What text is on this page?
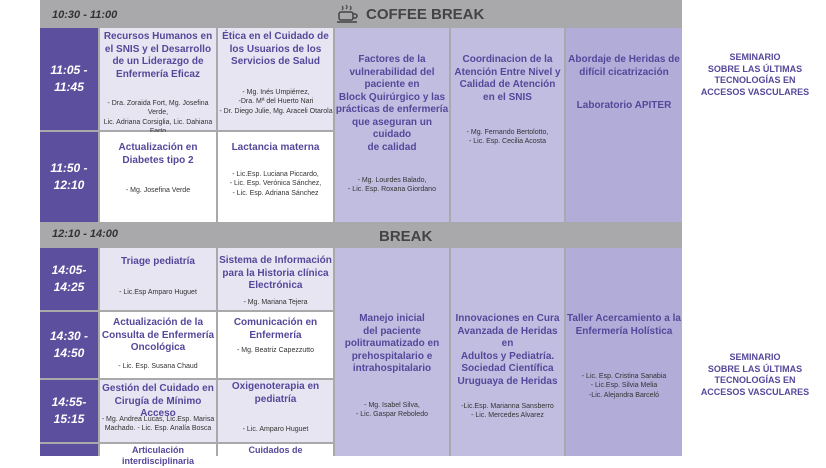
10:30 - 11:00	COFFEE BREAK
12:10 - 14:00	BREAK
11:05 -
11:45
11:50 -
12:10
14:05-
14:25
14:30 -
14:50
14:55-
15:15
Recursos Humanos en
el SNIS y el Desarrollo
de un Liderazgo de
Enfermería Eficaz
- Dra. Zoraida Fort, Mg. Josefina Verde,
Lic. Adriana Corsiglia, Lic. Dahiana
Ética en el Cuidado de
los Usuarios de los
Servicios de Salud
- Mg. Inés Umpiérrez,
-Dra. Mª del Huerto Nari
- Dr. Diego Julie, Mg. Araceli Otarola
Actualización en
Diabetes tipo 2
- Mg. Josefina Verde
Lactancia materna
- Lic.Esp. Luciana Piccardo,
- Lic. Esp. Verónica Sánchez,
- Lic. Esp. Adriana Sánchez
Factores de la
vulnerabilidad del
paciente en
Block Quirúrgico y las
prácticas de enfermería
que aseguran un cuidado
de calidad
- Mg. Lourdes Balado,
- Lic. Esp. Roxana Giordano
Coordinacion de la
Atención Entre Nivel y
Calidad de Atención
en el SNIS
- Mg. Fernando Bertolotto,
- Lic. Esp. Cecilia Acosta
Abordaje de Heridas de
difícil cicatrización
Laboratorio APITER
Triage pediatría
- Lic.Esp Amparo Huguet
Sistema de Información
para la Historia clínica
Electrónica
- Mg. Mariana Tejera
Actualización de la
Consulta de Enfermería
Oncológica
- Lic. Esp. Susana Chaud
Comunicación en
Enfermería
- Mg. Beatriz Capezzutto
Gestión del Cuidado en
Cirugía de Mínimo Acceso
- Mg. Andrea Lucas, Lic.Esp. Marisa
Machado. - Lic. Esp. Analía Bosca
Oxigenoterapia en
pediatría
- Lic. Amparo Huguet
Articulación interdisciplinaria
Cuidados de
Manejo inicial
del paciente
politraumatizado en
prehospitalario e
intrahospitalario
- Mg. Isabel Silva,
- Lic. Gaspar Reboledo
Innovaciones en Cura
Avanzada de Heridas en
Adultos y Pediatría.
Sociedad Científica
Uruguaya de Heridas
-Lic.Esp. Marianna Sansberro
- Lic. Mercedes Alvarez
Taller Acercamiento a la
Enfermería Holística
- Lic. Esp. Cristina Sanabia
- Lic.Esp. Silvia Melia
-Lic. Alejandra Barceló
SEMINARIO
SOBRE LAS ÚLTIMAS
TECNOLOGÍAS EN
ACCESOS VASCULARES
SEMINARIO
SOBRE LAS ÚLTIMAS
TECNOLOGÍAS EN
ACCESOS VASCULARES
